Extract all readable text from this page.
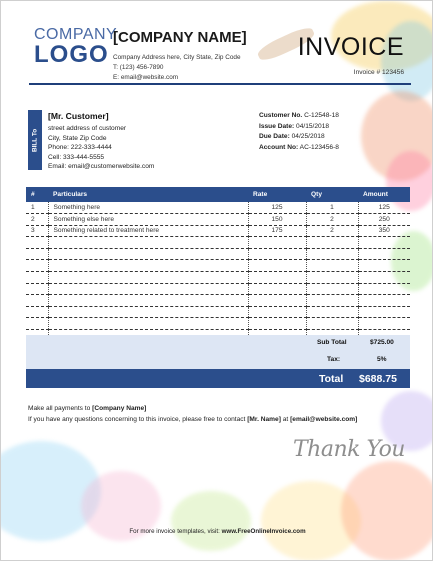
COMPANY
LOGO
[COMPANY NAME]
Company Address here, City State, Zip Code
T: (123) 456-7890
E: email@website.com
INVOICE
Invoice # 123456
BILL To
[Mr. Customer]
street address of customer
City, State Zip Code
Phone: 222-333-4444
Cell: 333-444-5555
Email: email@customerwebsite.com
Customer No. C-12548-18
Issue Date: 04/15/2018
Due Date: 04/25/2018
Account No: AC-123456-8
#	Particulars	Rate	Qty	Amount
1	Something here	125	1	125
2	Something else here	150	2	250
3	Something related to treatment here	175	2	350

Sub Total	$725.00
Tax:	5%
Total $688.75
Make all payments to [Company Name]
If you have any questions concerning to this invoice, please free to contact [Mr. Name] at [email@website.com]
Thank You
For more invoice templates, visit: www.FreeOnlineInvoice.com
